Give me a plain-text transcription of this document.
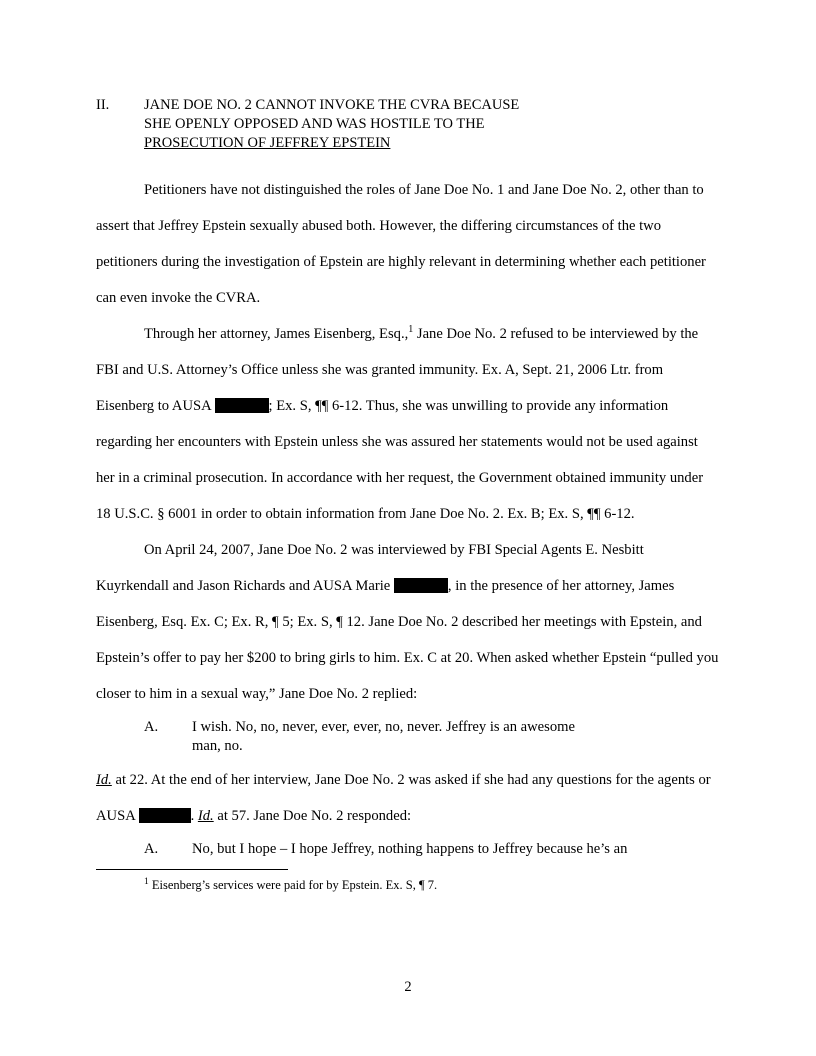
II.	JANE DOE NO. 2 CANNOT INVOKE THE CVRA BECAUSE
SHE OPENLY OPPOSED AND WAS HOSTILE TO THE
PROSECUTION OF JEFFREY EPSTEIN

Petitioners have not distinguished the roles of Jane Doe No. 1 and Jane Doe No. 2, other than to assert that Jeffrey Epstein sexually abused both. However, the differing circumstances of the two petitioners during the investigation of Epstein are highly relevant in determining whether each petitioner can even invoke the CVRA.

Through her attorney, James Eisenberg, Esq.,$^1$ Jane Doe No. 2 refused to be interviewed by the FBI and U.S. Attorney’s Office unless she was granted immunity. Ex. A, Sept. 21, 2006 Ltr. from Eisenberg to AUSA	; Ex. S, ¶¶ 6-12. Thus, she was unwilling to provide any information regarding her encounters with Epstein unless she was assured her statements would not be used against her in a criminal prosecution. In accordance with her request, the Government obtained immunity under 18 U.S.C. § 6001 in order to obtain information from Jane Doe No. 2. Ex. B; Ex. S, ¶¶ 6-12.

On April 24, 2007, Jane Doe No. 2 was interviewed by FBI Special Agents E. Nesbitt Kuyrkendall and Jason Richards and AUSA Marie	, in the presence of her attorney, James Eisenberg, Esq. Ex. C; Ex. R, ¶ 5; Ex. S, ¶ 12. Jane Doe No. 2 described her meetings with Epstein, and Epstein’s offer to pay her $200 to bring girls to him. Ex. C at 20. When asked whether Epstein “pulled you closer to him in a sexual way,” Jane Doe No. 2 replied:

A.	I wish. No, no, never, ever, ever, no, never. Jeffrey is an awesome
man, no.

Id. at 22. At the end of her interview, Jane Doe No. 2 was asked if she had any questions for the agents or AUSA	. Id. at 57. Jane Doe No. 2 responded:

A.	No, but I hope – I hope Jeffrey, nothing happens to Jeffrey because he’s an
$^1$ Eisenberg’s services were paid for by Epstein. Ex. S, ¶ 7.
2
